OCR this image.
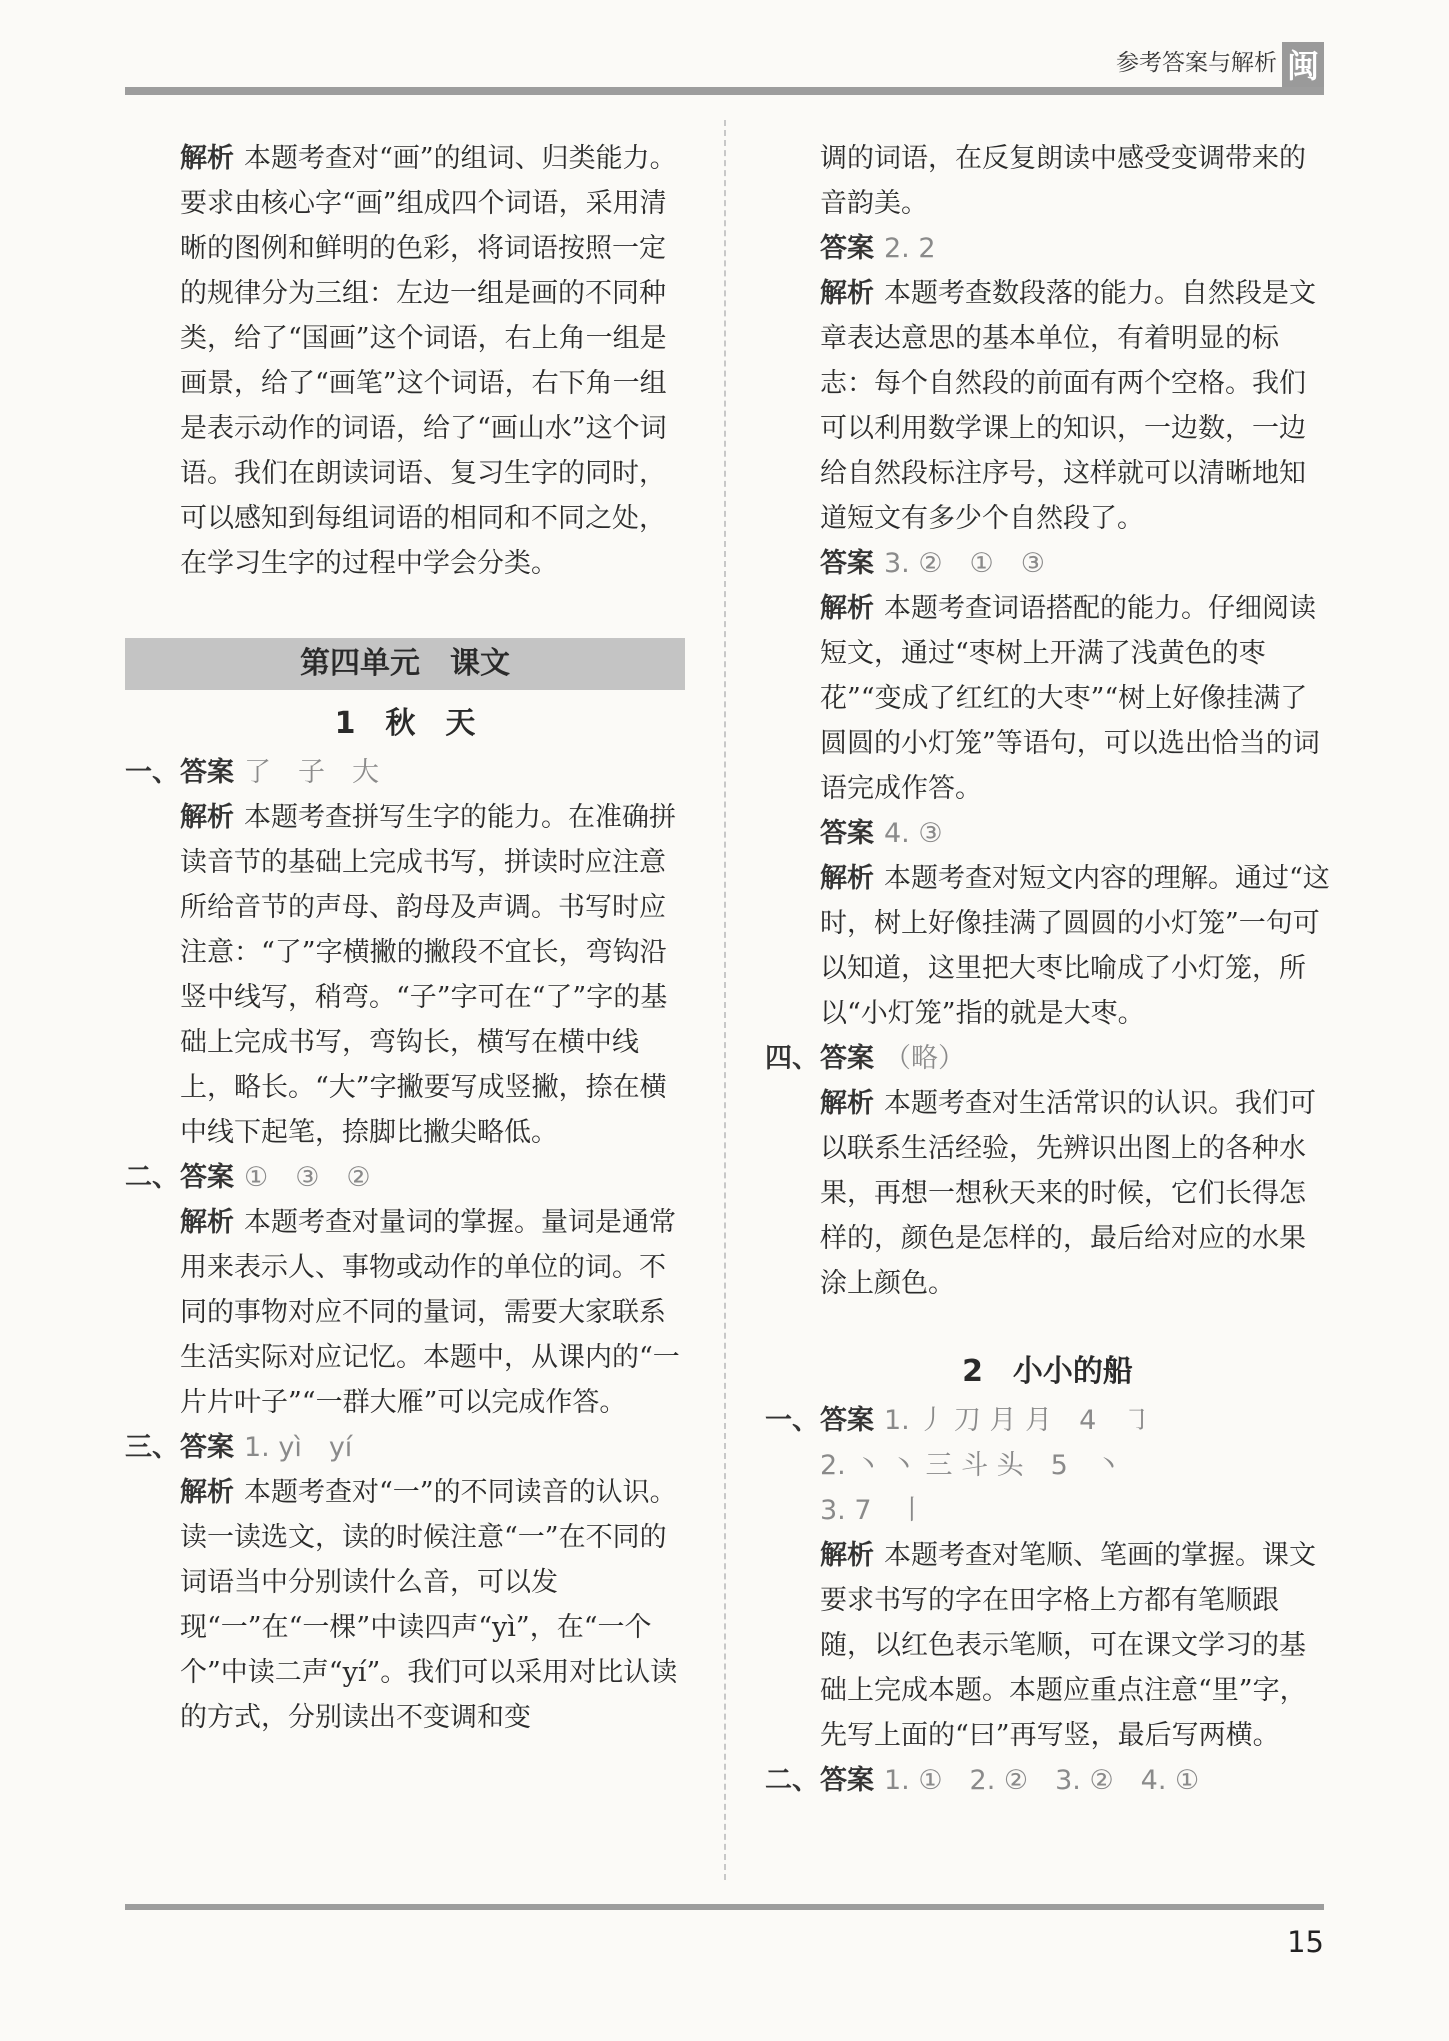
参考答案与解析 闽

解析 本题考查对“画”的组词、归类能力。要求由核心字“画”组成四个词语，采用清晰的图例和鲜明的色彩，将词语按照一定的规律分为三组：左边一组是画的不同种类，给了“国画”这个词语，右上角一组是画景，给了“画笔”这个词语，右下角一组是表示动作的词语，给了“画山水”这个词语。我们在朗读词语、复习生字的同时，可以感知到每组词语的相同和不同之处，在学习生字的过程中学会分类。

第四单元　课文

1　秋　天

一、 答案 了　子　大

解析 本题考查拼写生字的能力。在准确拼读音节的基础上完成书写，拼读时应注意所给音节的声母、韵母及声调。书写时应注意：“了”字横撇的撇段不宜长，弯钩沿竖中线写，稍弯。“子”字可在“了”字的基础上完成书写，弯钩长，横写在横中线上，略长。“大”字撇要写成竖撇，捺在横中线下起笔，捺脚比撇尖略低。

二、 答案 ①　③　②

解析 本题考查对量词的掌握。量词是通常用来表示人、事物或动作的单位的词。不同的事物对应不同的量词，需要大家联系生活实际对应记忆。本题中，从课内的“一片片叶子”“一群大雁”可以完成作答。

三、 答案 1. yì　yí

解析 本题考查对“一”的不同读音的认识。读一读选文，读的时候注意“一”在不同的词语当中分别读什么音，可以发现“一”在“一棵”中读四声“yì”，在“一个个”中读二声“yí”。我们可以采用对比认读的方式，分别读出不变调和变

调的词语，在反复朗读中感受变调带来的音韵美。

答案 2. 2

解析 本题考查数段落的能力。自然段是文章表达意思的基本单位，有着明显的标志：每个自然段的前面有两个空格。我们可以利用数学课上的知识，一边数，一边给自然段标注序号，这样就可以清晰地知道短文有多少个自然段了。

答案 3. ②　①　③

解析 本题考查词语搭配的能力。仔细阅读短文，通过“枣树上开满了浅黄色的枣花”“变成了红红的大枣”“树上好像挂满了圆圆的小灯笼”等语句，可以选出恰当的词语完成作答。

答案 4. ③

解析 本题考查对短文内容的理解。通过“这时，树上好像挂满了圆圆的小灯笼”一句可以知道，这里把大枣比喻成了小灯笼，所以“小灯笼”指的就是大枣。

四、 答案 （略）

解析 本题考查对生活常识的认识。我们可以联系生活经验，先辨识出图上的各种水果，再想一想秋天来的时候，它们长得怎样的，颜色是怎样的，最后给对应的水果涂上颜色。

2　小小的船

一、 答案 1. 丿 刀 月 月　4　㇆

2. 丶 丶 三 斗 头　5　丶

3. 7　丨

解析 本题考查对笔顺、笔画的掌握。课文要求书写的字在田字格上方都有笔顺跟随，以红色表示笔顺，可在课文学习的基础上完成本题。本题应重点注意“里”字，先写上面的“曰”再写竖，最后写两横。

二、 答案 1. ①　2. ②　3. ②　4. ①

15
